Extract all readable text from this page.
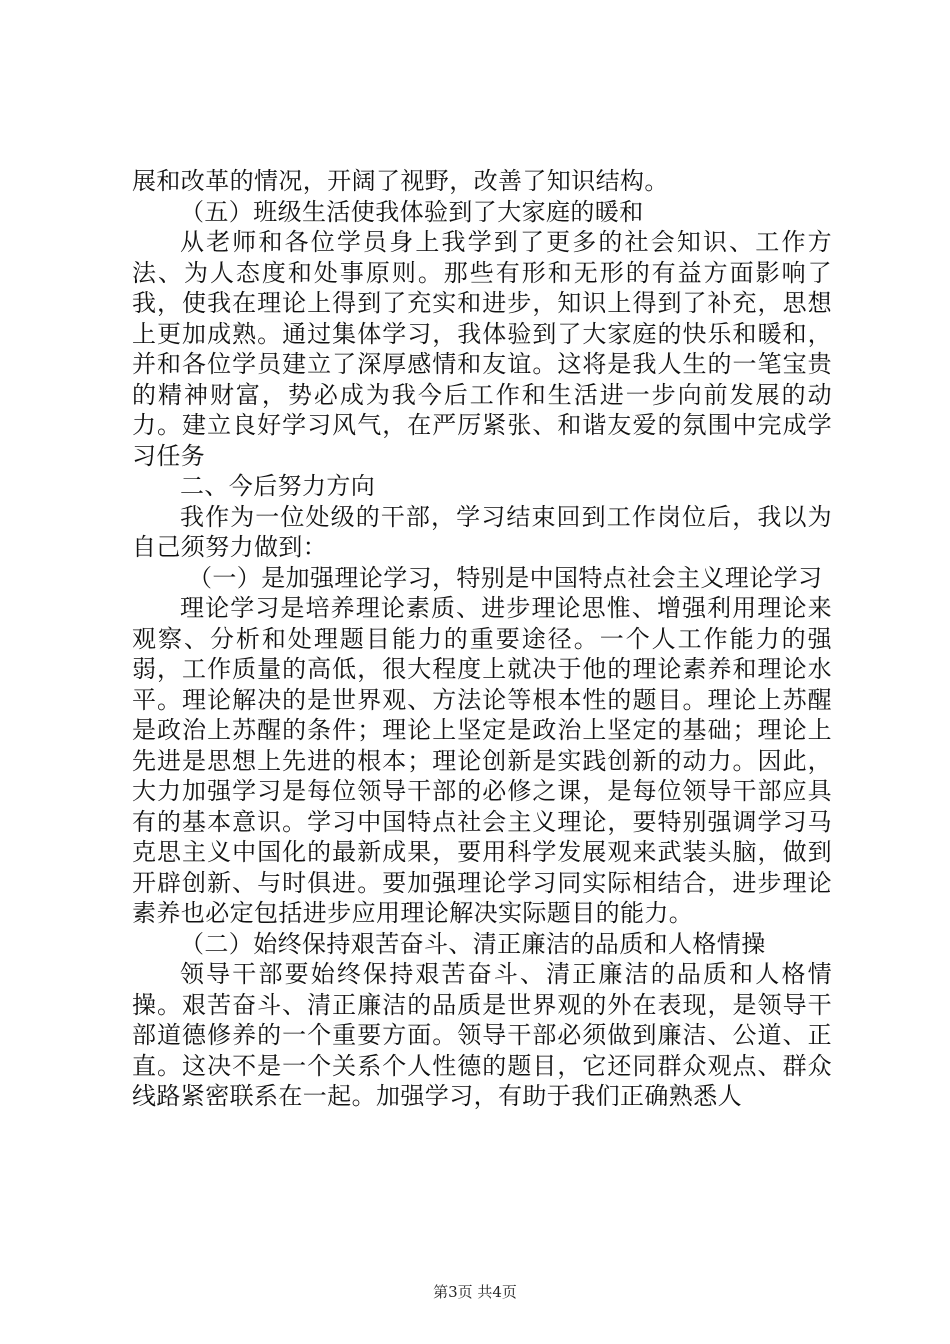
展和改革的情况，开阔了视野，改善了知识结构。

（五）班级生活使我体验到了大家庭的暖和

从老师和各位学员身上我学到了更多的社会知识、工作方法、为人态度和处事原则。那些有形和无形的有益方面影响了我，使我在理论上得到了充实和进步，知识上得到了补充，思想上更加成熟。通过集体学习，我体验到了大家庭的快乐和暖和，并和各位学员建立了深厚感情和友谊。这将是我人生的一笔宝贵的精神财富，势必成为我今后工作和生活进一步向前发展的动力。建立良好学习风气，在严厉紧张、和谐友爱的氛围中完成学习任务

二、今后努力方向

我作为一位处级的干部，学习结束回到工作岗位后，我以为自己须努力做到：

（一）是加强理论学习，特别是中国特点社会主义理论学习

理论学习是培养理论素质、进步理论思惟、增强利用理论来观察、分析和处理题目能力的重要途径。一个人工作能力的强弱，工作质量的高低，很大程度上就决于他的理论素养和理论水平。理论解决的是世界观、方法论等根本性的题目。理论上苏醒是政治上苏醒的条件；理论上坚定是政治上坚定的基础；理论上先进是思想上先进的根本；理论创新是实践创新的动力。因此，大力加强学习是每位领导干部的必修之课，是每位领导干部应具有的基本意识。学习中国特点社会主义理论，要特别强调学习马克思主义中国化的最新成果，要用科学发展观来武装头脑，做到开辟创新、与时俱进。要加强理论学习同实际相结合，进步理论素养也必定包括进步应用理论解决实际题目的能力。

（二）始终保持艰苦奋斗、清正廉洁的品质和人格情操

领导干部要始终保持艰苦奋斗、清正廉洁的品质和人格情操。艰苦奋斗、清正廉洁的品质是世界观的外在表现，是领导干部道德修养的一个重要方面。领导干部必须做到廉洁、公道、正直。这决不是一个关系个人性德的题目，它还同群众观点、群众线路紧密联系在一起。加强学习，有助于我们正确熟悉人

第3页 共4页
